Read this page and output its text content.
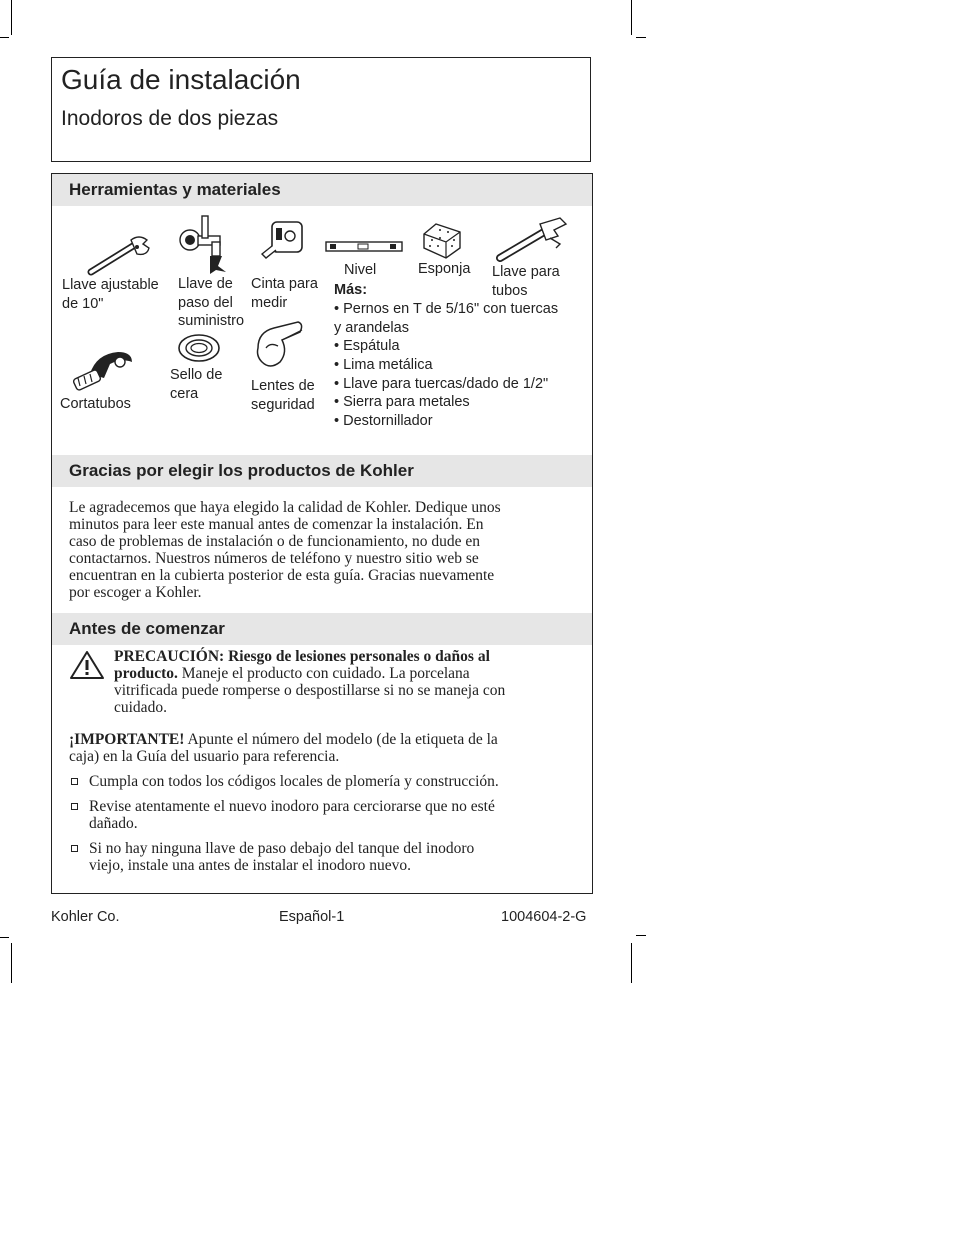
Guía de instalación
Inodoros de dos piezas
Herramientas y materiales
Llave ajustable de 10"
Llave de paso del suministro
Cinta para medir
Nivel	Esponja Llave para tubos
Cortatubos
Sello de cera	Lentes de seguridad
Más:
• Pernos en T de 5/16" con tuercas
y arandelas
• Espátula
• Lima metálica
• Llave para tuercas/dado de 1/2"
• Sierra para metales
• Destornillador
Gracias por elegir los productos de Kohler
Le agradecemos que haya elegido la calidad de Kohler. Dedique unos
minutos para leer este manual antes de comenzar la instalación. En
caso de problemas de instalación o de funcionamiento, no dude en
contactarnos. Nuestros números de teléfono y nuestro sitio web se
encuentran en la cubierta posterior de esta guía. Gracias nuevamente
por escoger a Kohler.
Antes de comenzar
PRECAUCIÓN: Riesgo de lesiones personales o daños al
producto. Maneje el producto con cuidado. La porcelana
vitrificada puede romperse o despostillarse si no se maneja con
cuidado.
¡IMPORTANTE! Apunte el número del modelo (de la etiqueta de la
caja) en la Guía del usuario para referencia.
Cumpla con todos los códigos locales de plomería y construcción.
Revise atentamente el nuevo inodoro para cerciorarse que no esté
dañado.
Si no hay ninguna llave de paso debajo del tanque del inodoro
viejo, instale una antes de instalar el inodoro nuevo.
Kohler Co.	Español-1	1004604-2-G
